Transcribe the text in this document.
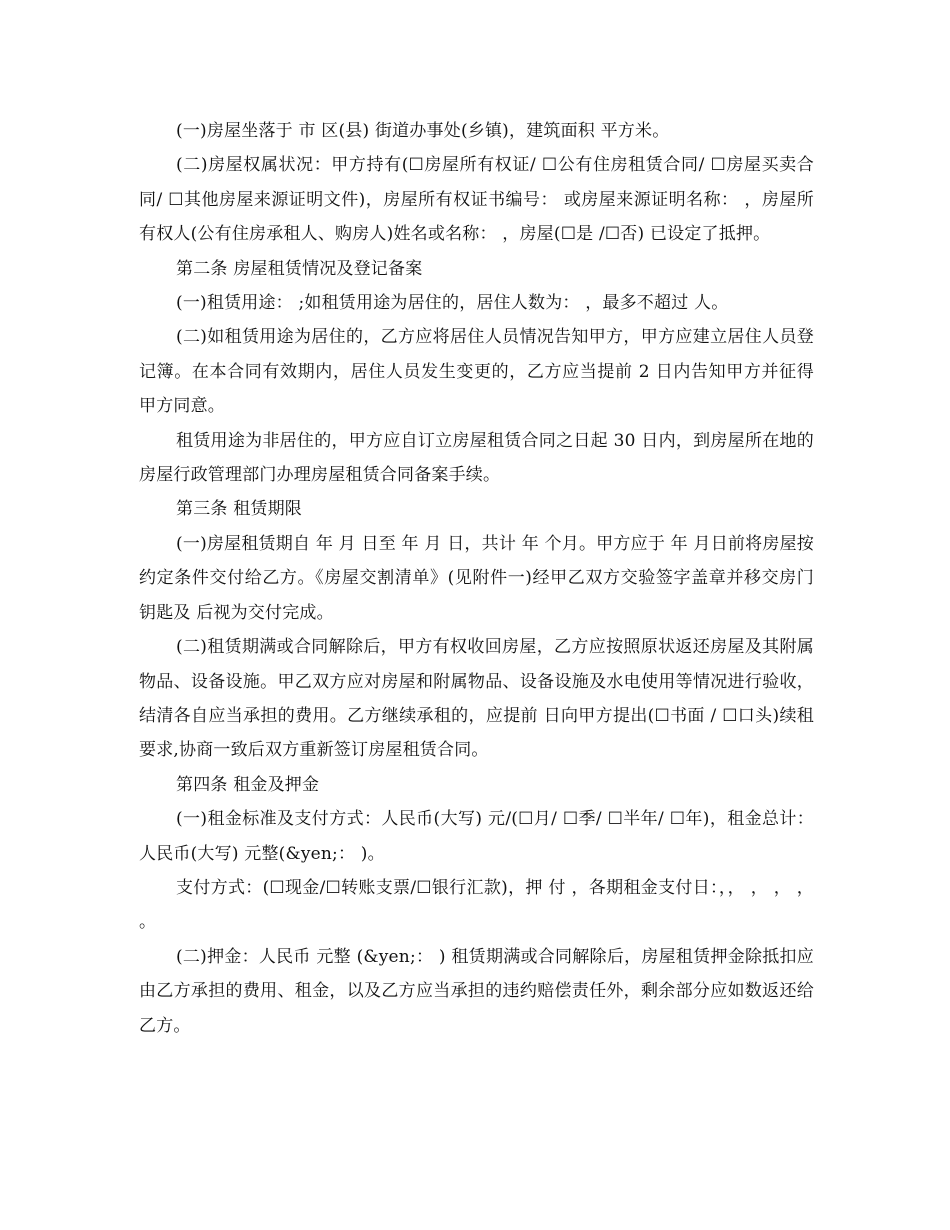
(一)房屋坐落于 市 区(县) 街道办事处(乡镇)，建筑面积 平方米。

(二)房屋权属状况：甲方持有(☐房屋所有权证/ ☐公有住房租赁合同/ ☐房屋买卖合同/ ☐其他房屋来源证明文件)，房屋所有权证书编号： 或房屋来源证明名称： ，房屋所有权人(公有住房承租人、购房人)姓名或名称： ，房屋(☐是 /☐否) 已设定了抵押。

第二条 房屋租赁情况及登记备案

(一)租赁用途： ;如租赁用途为居住的，居住人数为： ，最多不超过 人。

(二)如租赁用途为居住的，乙方应将居住人员情况告知甲方，甲方应建立居住人员登记簿。在本合同有效期内，居住人员发生变更的，乙方应当提前 2 日内告知甲方并征得甲方同意。

租赁用途为非居住的，甲方应自订立房屋租赁合同之日起 30 日内，到房屋所在地的房屋行政管理部门办理房屋租赁合同备案手续。

第三条 租赁期限

(一)房屋租赁期自 年 月 日至 年 月 日，共计 年 个月。甲方应于 年 月日前将房屋按约定条件交付给乙方。《房屋交割清单》(见附件一)经甲乙双方交验签字盖章并移交房门钥匙及 后视为交付完成。

(二)租赁期满或合同解除后，甲方有权收回房屋，乙方应按照原状返还房屋及其附属物品、设备设施。甲乙双方应对房屋和附属物品、设备设施及水电使用等情况进行验收，结清各自应当承担的费用。乙方继续承租的，应提前 日向甲方提出(☐书面 / ☐口头)续租要求,协商一致后双方重新签订房屋租赁合同。

第四条 租金及押金

(一)租金标准及支付方式：人民币(大写) 元/(☐月/ ☐季/ ☐半年/ ☐年)，租金总计：人民币(大写) 元整(&yen;： )。

支付方式：(☐现金/☐转账支票/☐银行汇款)，押 付 ，各期租金支付日：，， ， ， ， 。

(二)押金：人民币 元整 (&yen;： ) 租赁期满或合同解除后，房屋租赁押金除抵扣应由乙方承担的费用、租金，以及乙方应当承担的违约赔偿责任外，剩余部分应如数返还给乙方。
